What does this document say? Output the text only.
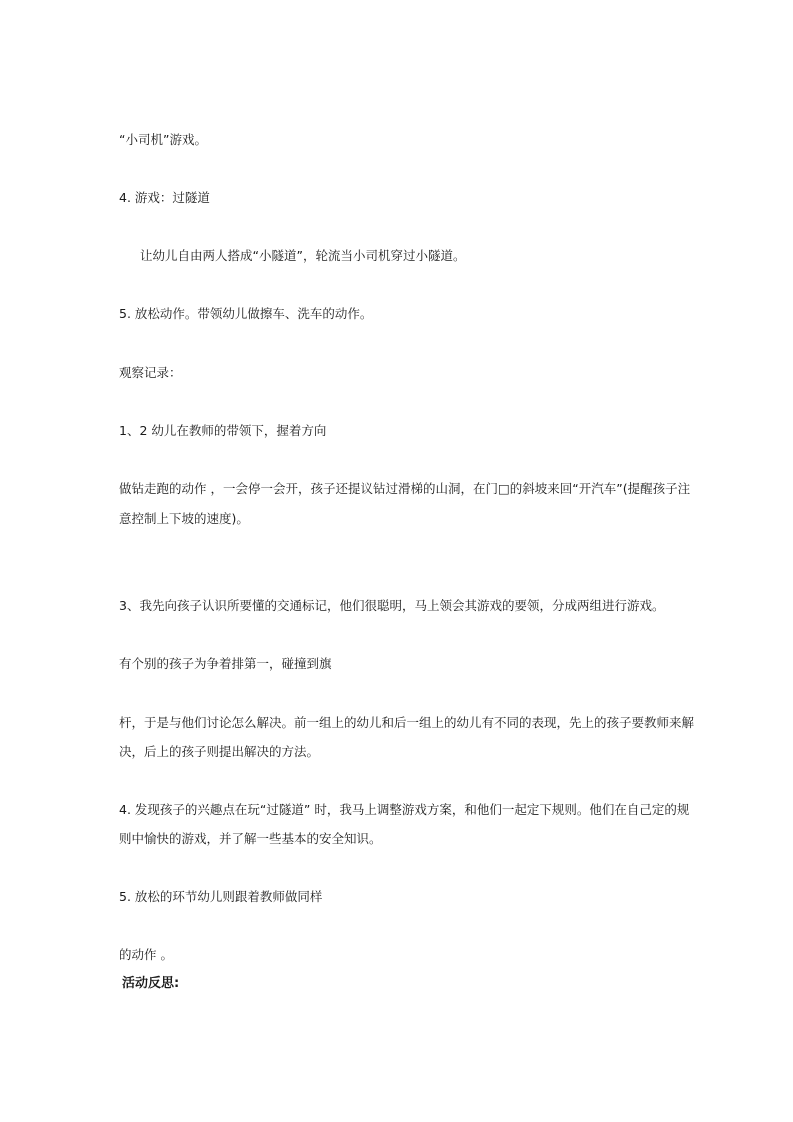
“小司机”游戏。
4. 游戏：过隧道
让幼儿自由两人搭成“小隧道”，轮流当小司机穿过小隧道。
5. 放松动作。带领幼儿做擦车、洗车的动作。
观察记录：
1、2 幼儿在教师的带领下，握着方向
做钻走跑的动作 ，一会停一会开，孩子还提议钻过滑梯的山洞，在门□的斜坡来回“开汽车”(提醒孩子注
意控制上下坡的速度)。
3、我先向孩子认识所要懂的交通标记，他们很聪明，马上领会其游戏的要领，分成两组进行游戏。
有个别的孩子为争着排第一，碰撞到旗
杆，于是与他们讨论怎么解决。前一组上的幼儿和后一组上的幼儿有不同的表现，先上的孩子要教师来解
决，后上的孩子则提出解决的方法。
4. 发现孩子的兴趣点在玩“过隧道” 时，我马上调整游戏方案，和他们一起定下规则。他们在自己定的规
则中愉快的游戏，并了解一些基本的安全知识。
5. 放松的环节幼儿则跟着教师做同样
的动作 。
活动反思:
